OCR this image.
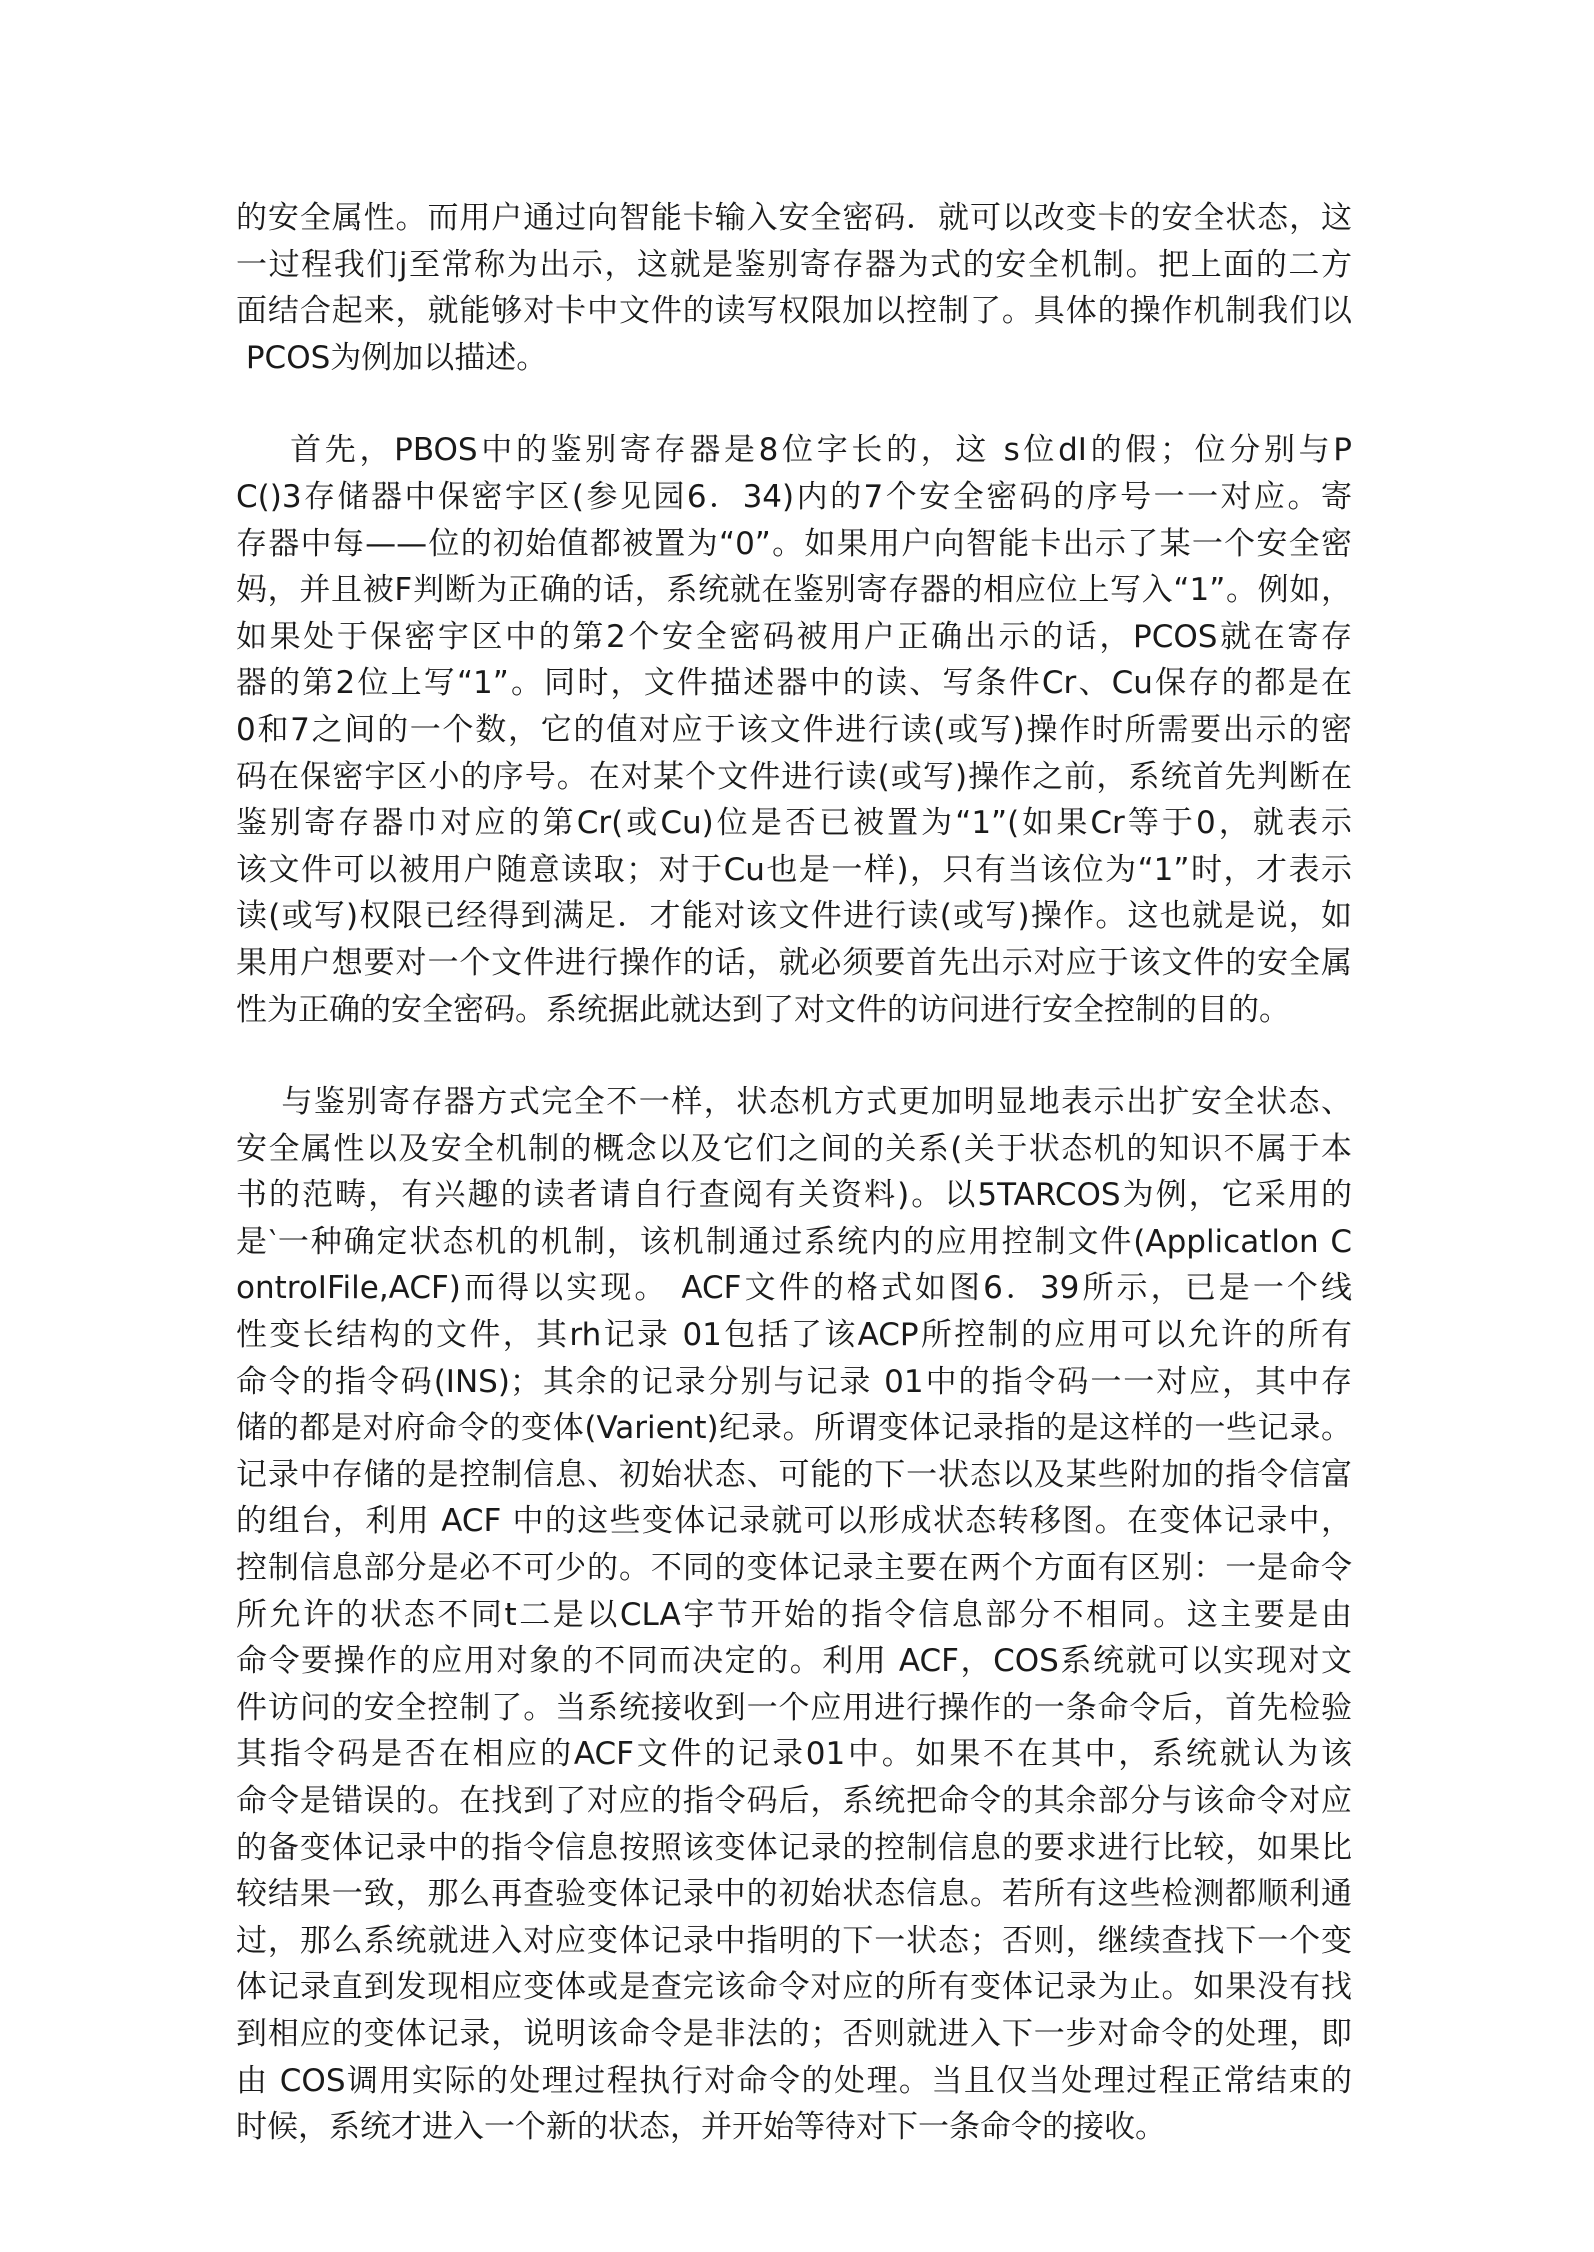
的安全属性。而用户通过向智能卡输入安全密码．就可以改变卡的安全状态，这
一过程我们j至常称为出示，这就是鉴别寄存器为式的安全机制。把上面的二方
面结合起来，就能够对卡中文件的读写权限加以控制了。具体的操作机制我们以
PCOS为例加以描述。
首先，PBOS中的鉴别寄存器是8位字长的，这 s位dI的假；位分别与P
C()3存储器中保密宇区(参见园6．34)内的7个安全密码的序号一一对应。寄
存器中每——位的初始值都被置为“0”。如果用户向智能卡出示了某一个安全密
妈，并且被F判断为正确的话，系统就在鉴别寄存器的相应位上写入“1”。例如，
如果处于保密宇区中的第2个安全密码被用户正确出示的话，PCOS就在寄存
器的第2位上写“1”。同时，文件描述器中的读、写条件Cr、Cu保存的都是在
0和7之间的一个数，它的值对应于该文件进行读(或写)操作时所需要出示的密
码在保密宇区小的序号。在对某个文件进行读(或写)操作之前，系统首先判断在
鉴别寄存器巾对应的第Cr(或Cu)位是否已被置为“1”(如果Cr等于0，就表示
该文件可以被用户随意读取；对于Cu也是一样)，只有当该位为“1”时，才表示
读(或写)权限已经得到满足．才能对该文件进行读(或写)操作。这也就是说，如
果用户想要对一个文件进行操作的话，就必须要首先出示对应于该文件的安全属
性为正确的安全密码。系统据此就达到了对文件的访问进行安全控制的目的。
与鉴别寄存器方式完全不一样，状态机方式更加明显地表示出扩安全状态、
安全属性以及安全机制的概念以及它们之间的关系(关于状态机的知识不属于本
书的范畴，有兴趣的读者请自行查阅有关资料)。以5TARCOS为例，它采用的
是‵一种确定状态机的机制，该机制通过系统内的应用控制文件(Applicatlon C
ontroIFile,ACF)而得以实现。 ACF文件的格式如图6．39所示，已是一个线
性变长结构的文件，其rh记录 01包括了该ACP所控制的应用可以允许的所有
命令的指令码(INS)；其余的记录分别与记录 01中的指令码一一对应，其中存
储的都是对府命令的变体(Varient)纪录。所谓变体记录指的是这样的一些记录。
记录中存储的是控制信息、初始状态、可能的下一状态以及某些附加的指令信富
的组台，利用 ACF 中的这些变体记录就可以形成状态转移图。在变体记录中，
控制信息部分是必不可少的。不同的变体记录主要在两个方面有区别：一是命令
所允许的状态不同t二是以CLA宇节开始的指令信息部分不相同。这主要是由
命令要操作的应用对象的不同而决定的。利用 ACF，COS系统就可以实现对文
件访问的安全控制了。当系统接收到一个应用进行操作的一条命令后，首先检验
其指令码是否在相应的ACF文件的记录01中。如果不在其中，系统就认为该
命令是错误的。在找到了对应的指令码后，系统把命令的其余部分与该命令对应
的备变体记录中的指令信息按照该变体记录的控制信息的要求进行比较，如果比
较结果一致，那么再查验变体记录中的初始状态信息。若所有这些检测都顺利通
过，那么系统就进入对应变体记录中指明的下一状态；否则，继续查找下一个变
体记录直到发现相应变体或是查完该命令对应的所有变体记录为止。如果没有找
到相应的变体记录，说明该命令是非法的；否则就进入下一步对命令的处理，即
由 COS调用实际的处理过程执行对命令的处理。当且仅当处理过程正常结束的
时候，系统才进入一个新的状态，并开始等待对下一条命令的接收。
